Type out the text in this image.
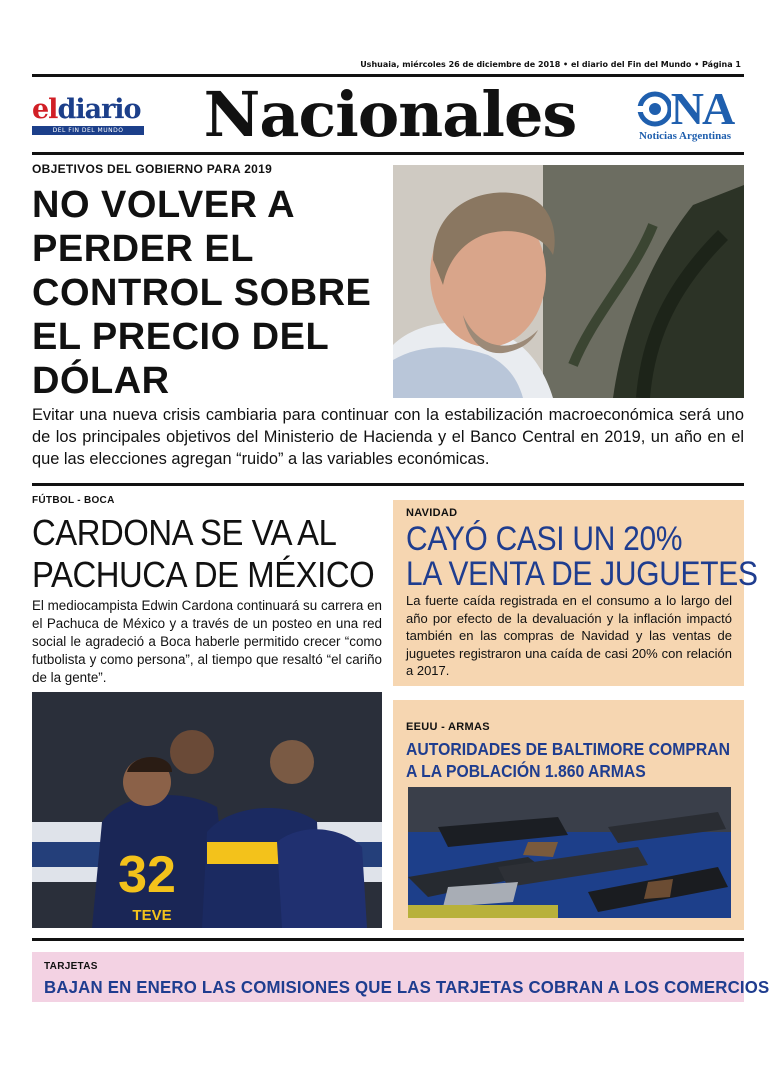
Ushuaia, miércoles 26 de diciembre de 2018 • el diario del Fin del Mundo • Página 1
eldiario
DEL FIN DEL MUNDO	Nacionales	NA
Noticias Argentinas
OBJETIVOS DEL GOBIERNO PARA 2019
NO VOLVER A
PERDER EL
CONTROL SOBRE
EL PRECIO DEL
DÓLAR
Evitar una nueva crisis cambiaria para continuar con la estabilización macroeconómica será uno de los principales objetivos del Ministerio de Hacienda y el Banco Central en 2019, un año en el que las elecciones agregan “ruido” a las variables económicas.
FÚTBOL - BOCA
CARDONA SE VA AL
PACHUCA DE MÉXICO
El mediocampista Edwin Cardona continuará su carrera en el Pachuca de México y a través de un posteo en una red social le agradeció a Boca haberle permitido crecer “como futbolista y como persona”, al tiempo que resaltó “el cariño de la gente”.
32
TEVE
NAVIDAD
CAYÓ CASI UN 20%
LA VENTA DE JUGUETES
La fuerte caída registrada en el consumo a lo largo del año por efecto de la devaluación y la inflación impactó también en las compras de Navidad y las ventas de juguetes registraron una caída de casi 20% con relación a 2017.
EEUU - ARMAS
AUTORIDADES DE BALTIMORE COMPRAN
A LA POBLACIÓN 1.860 ARMAS
TARJETAS
BAJAN EN ENERO LAS COMISIONES QUE LAS TARJETAS COBRAN A LOS COMERCIOS
